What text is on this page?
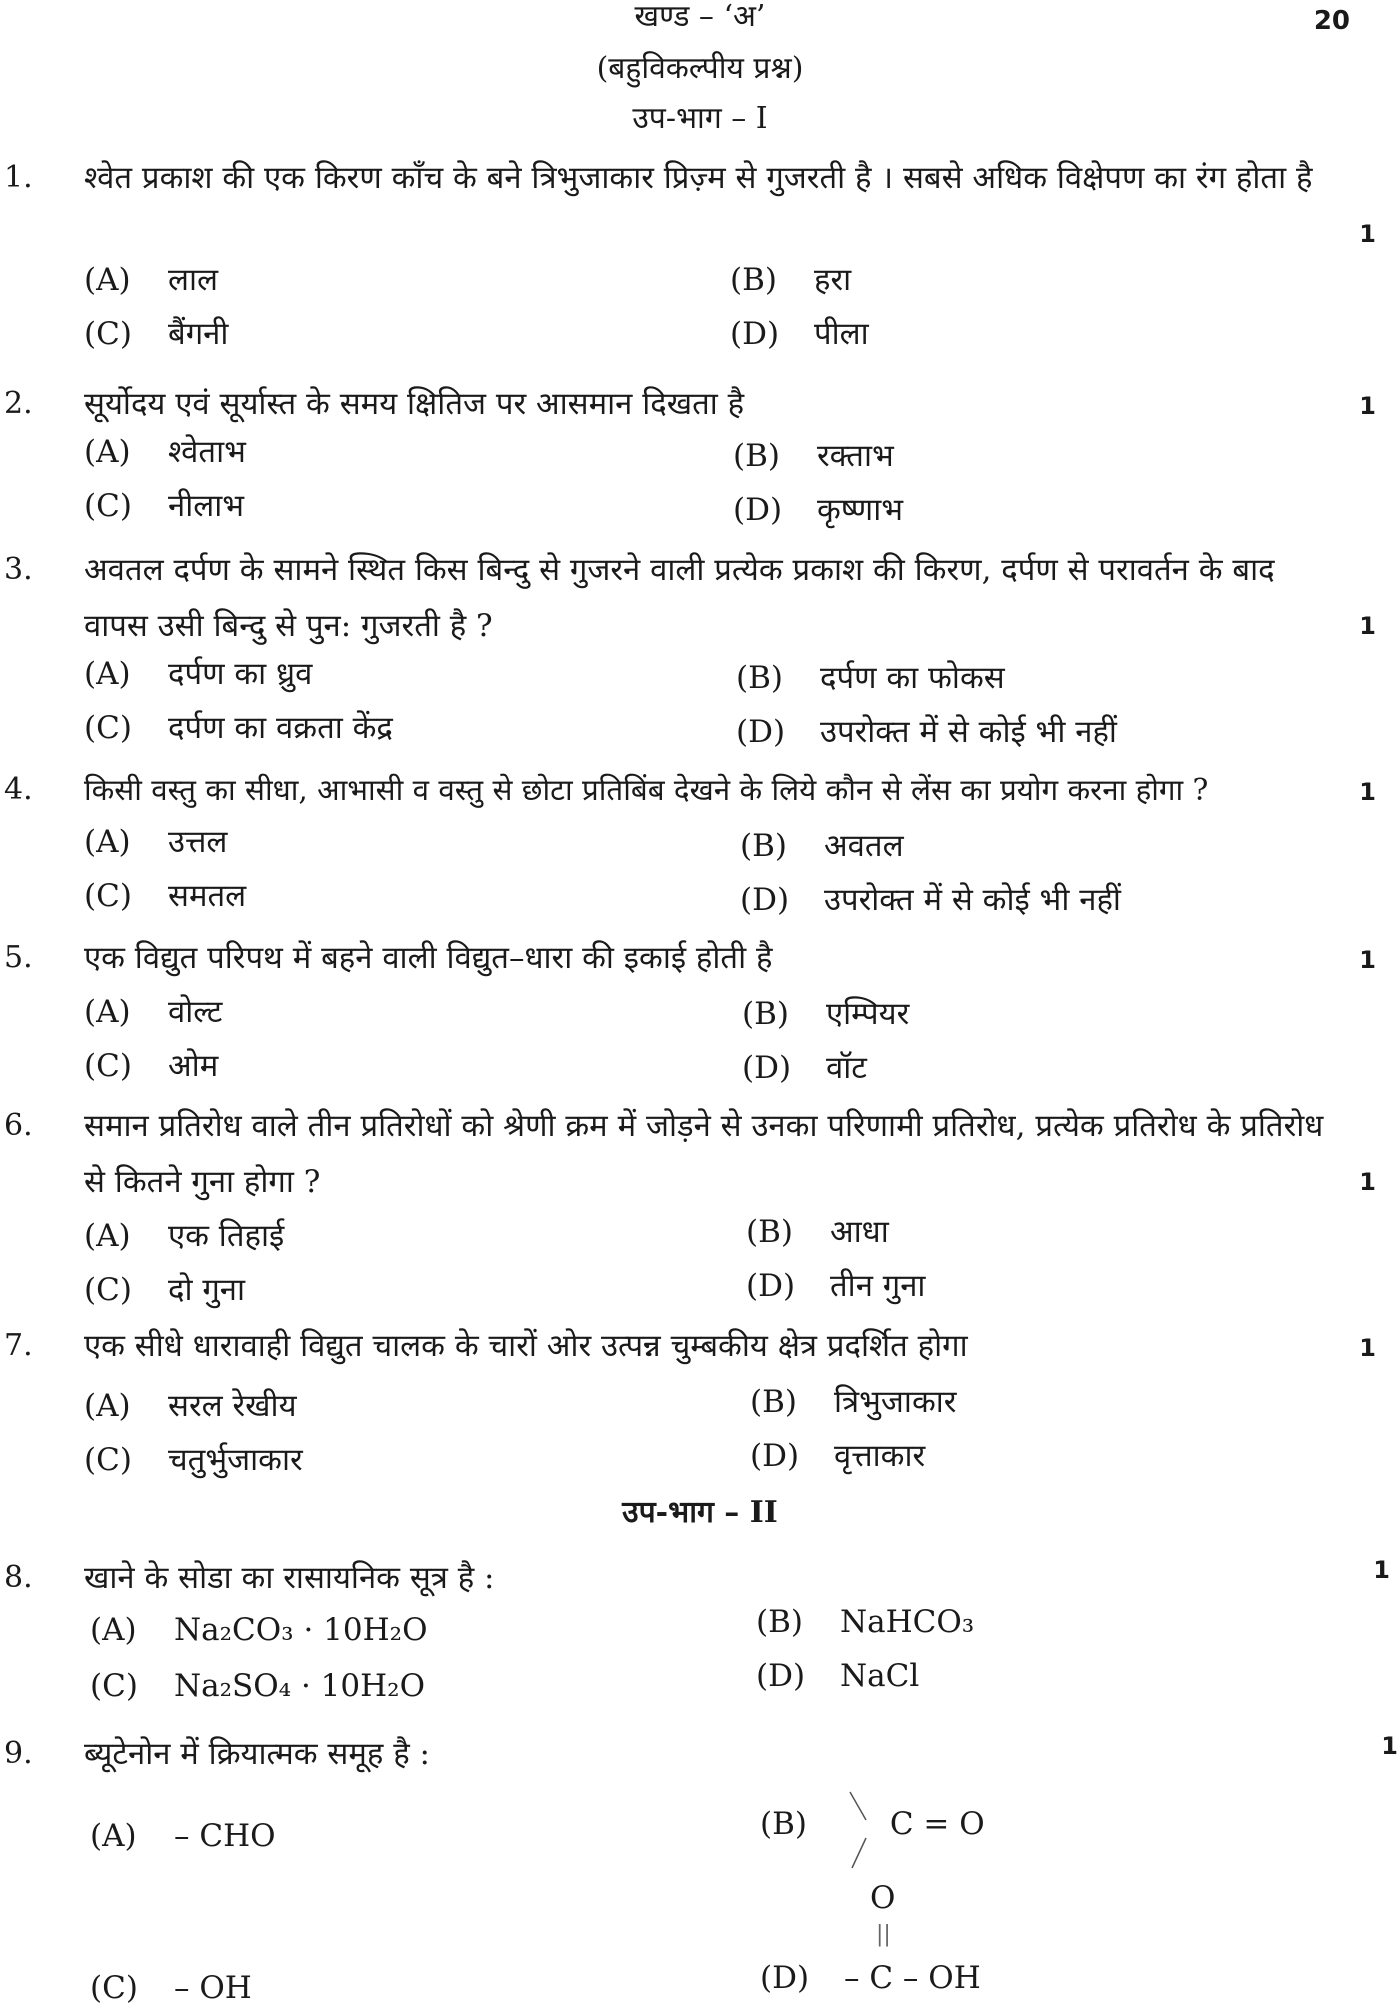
खण्ड – ‘अ’	20
(बहुविकल्पीय प्रश्न)
उप-भाग – I
1. श्वेत प्रकाश की एक किरण काँच के बने त्रिभुजाकार प्रिज़्म से गुजरती है । सबसे अधिक विक्षेपण का रंग होता है
1
(A) लाल	(B) हरा
(C) बैंगनी	(D) पीला
2. सूर्योदय एवं सूर्यास्त के समय क्षितिज पर आसमान दिखता है	1
(A) श्वेताभ	(B) रक्ताभ
(C) नीलाभ	(D) कृष्णाभ
3. अवतल दर्पण के सामने स्थित किस बिन्दु से गुजरने वाली प्रत्येक प्रकाश की किरण, दर्पण से परावर्तन के बाद वापस उसी बिन्दु से पुन: गुजरती है ?	1
(A) दर्पण का ध्रुव	(B) दर्पण का फोकस
(C) दर्पण का वक्रता केंद्र	(D) उपरोक्त में से कोई भी नहीं
4. किसी वस्तु का सीधा, आभासी व वस्तु से छोटा प्रतिबिंब देखने के लिये कौन से लेंस का प्रयोग करना होगा ?	1
(A) उत्तल	(B) अवतल
(C) समतल	(D) उपरोक्त में से कोई भी नहीं
5. एक विद्युत परिपथ में बहने वाली विद्युत–धारा की इकाई होती है	1
(A) वोल्ट	(B) एम्पियर
(C) ओम	(D) वॉट
6. समान प्रतिरोध वाले तीन प्रतिरोधों को श्रेणी क्रम में जोड़ने से उनका परिणामी प्रतिरोध, प्रत्येक प्रतिरोध के प्रतिरोध से कितने गुना होगा ?	1
(A) एक तिहाई	(B) आधा
(C) दो गुना	(D) तीन गुना
7. एक सीधे धारावाही विद्युत चालक के चारों ओर उत्पन्न चुम्बकीय क्षेत्र प्रदर्शित होगा	1
(A) सरल रेखीय	(B) त्रिभुजाकार
(C) चतुर्भुजाकार	(D) वृत्ताकार
उप-भाग – II
8. खाने के सोडा का रासायनिक सूत्र है :	1
(A) Na₂CO₃ · 10H₂O	(B) NaHCO₃
(C) Na₂SO₄ · 10H₂O	(D) NaCl
9. ब्यूटेनोन में क्रियात्मक समूह है :	1
(A) – CHO	(B)	C = O
O
||
(C) – OH	(D) – C – OH
